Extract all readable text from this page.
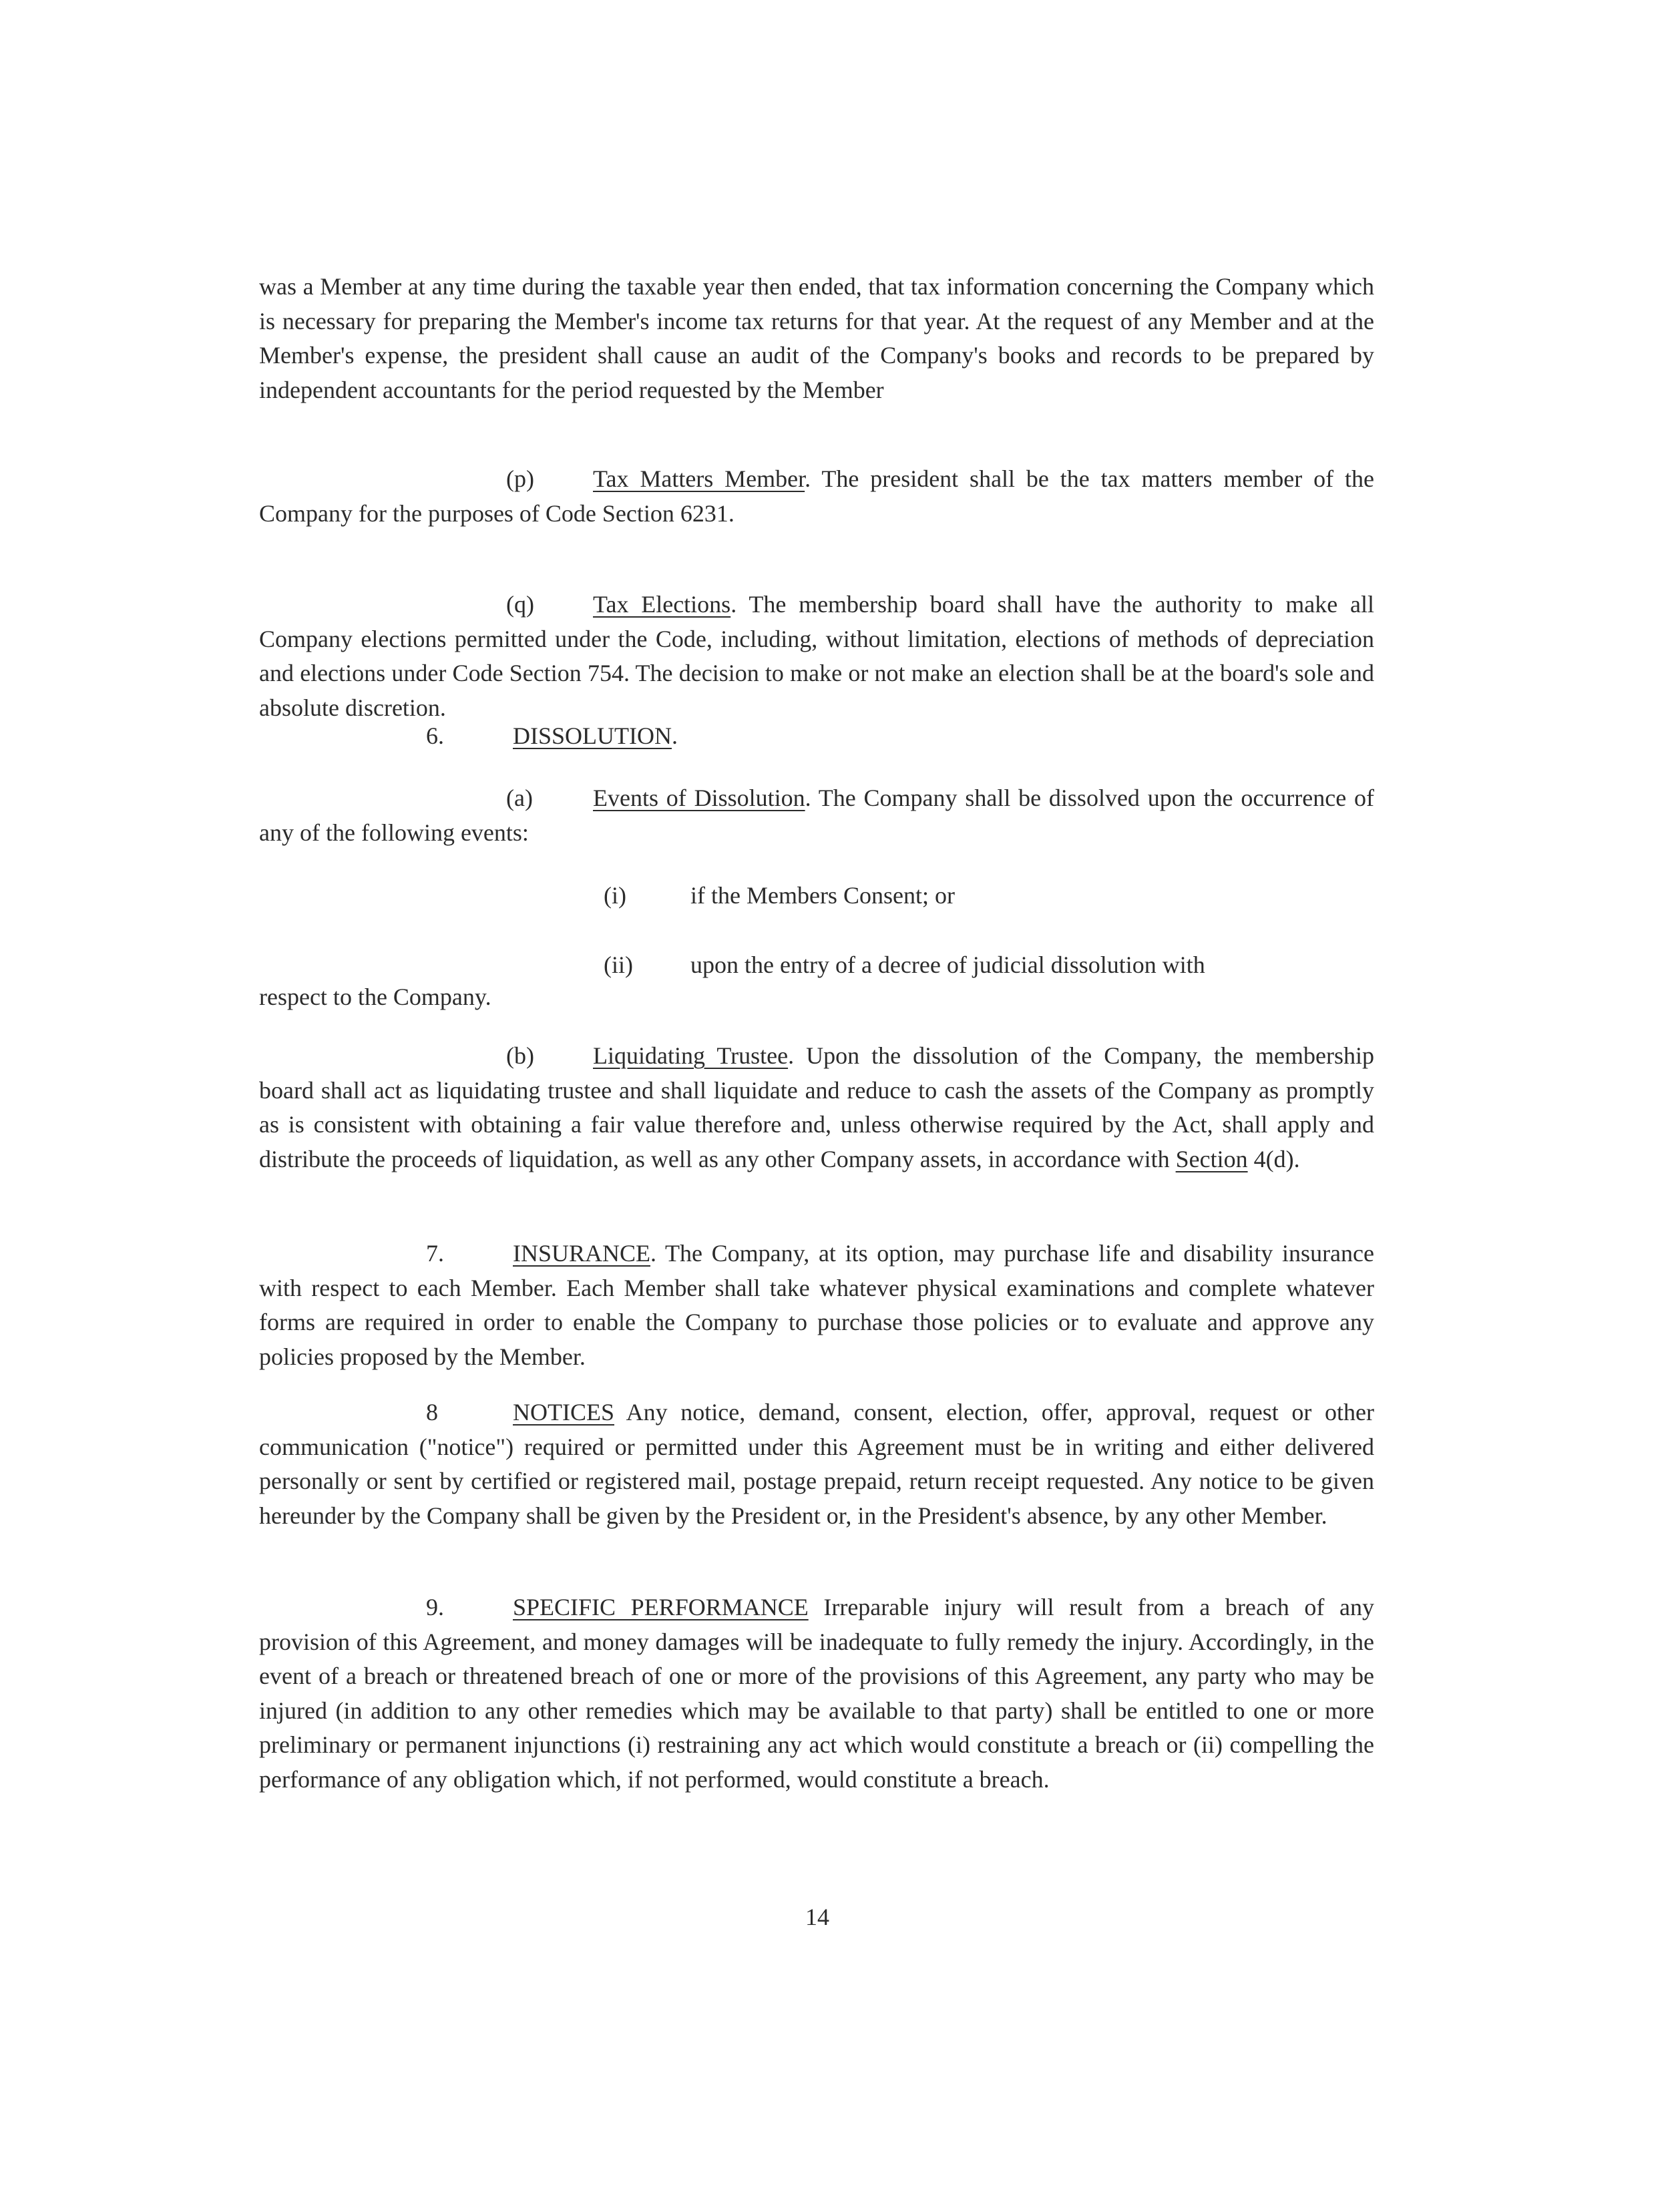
was a Member at any time during the taxable year then ended, that tax information concerning the Company which is necessary for preparing the Member's income tax returns for that year. At the request of any Member and at the Member's expense, the president shall cause an audit of the Company's books and records to be prepared by independent accountants for the period requested by the Member

(p) Tax Matters Member. The president shall be the tax matters member of the Company for the purposes of Code Section 6231.

(q) Tax Elections. The membership board shall have the authority to make all Company elections permitted under the Code, including, without limitation, elections of methods of depreciation and elections under Code Section 754. The decision to make or not make an election shall be at the board's sole and absolute discretion.

6.	DISSOLUTION.

(a)	Events of Dissolution. The Company shall be dissolved upon the occurrence of any of the following events:

(i)	if the Members Consent; or
(ii) upon the entry of a decree of judicial dissolution with
respect to the Company.

(b) Liquidating Trustee. Upon the dissolution of the Company, the membership board shall act as liquidating trustee and shall liquidate and reduce to cash the assets of the Company as promptly as is consistent with obtaining a fair value therefore and, unless otherwise required by the Act, shall apply and distribute the proceeds of liquidation, as well as any other Company assets, in accordance with Section 4(d).

7.	INSURANCE. The Company, at its option, may purchase life and disability insurance with respect to each Member. Each Member shall take whatever physical examinations and complete whatever forms are required in order to enable the Company to purchase those policies or to evaluate and approve any policies proposed by the Member.

8	NOTICES Any notice, demand, consent, election, offer, approval, request or other communication ("notice") required or permitted under this Agreement must be in writing and either delivered personally or sent by certified or registered mail, postage prepaid, return receipt requested. Any notice to be given hereunder by the Company shall be given by the President or, in the President's absence, by any other Member.

9.	SPECIFIC PERFORMANCE Irreparable injury will result from a breach of any provision of this Agreement, and money damages will be inadequate to fully remedy the injury. Accordingly, in the event of a breach or threatened breach of one or more of the provisions of this Agreement, any party who may be injured (in addition to any other remedies which may be available to that party) shall be entitled to one or more preliminary or permanent injunctions (i) restraining any act which would constitute a breach or (ii) compelling the performance of any obligation which, if not performed, would constitute a breach.

14
